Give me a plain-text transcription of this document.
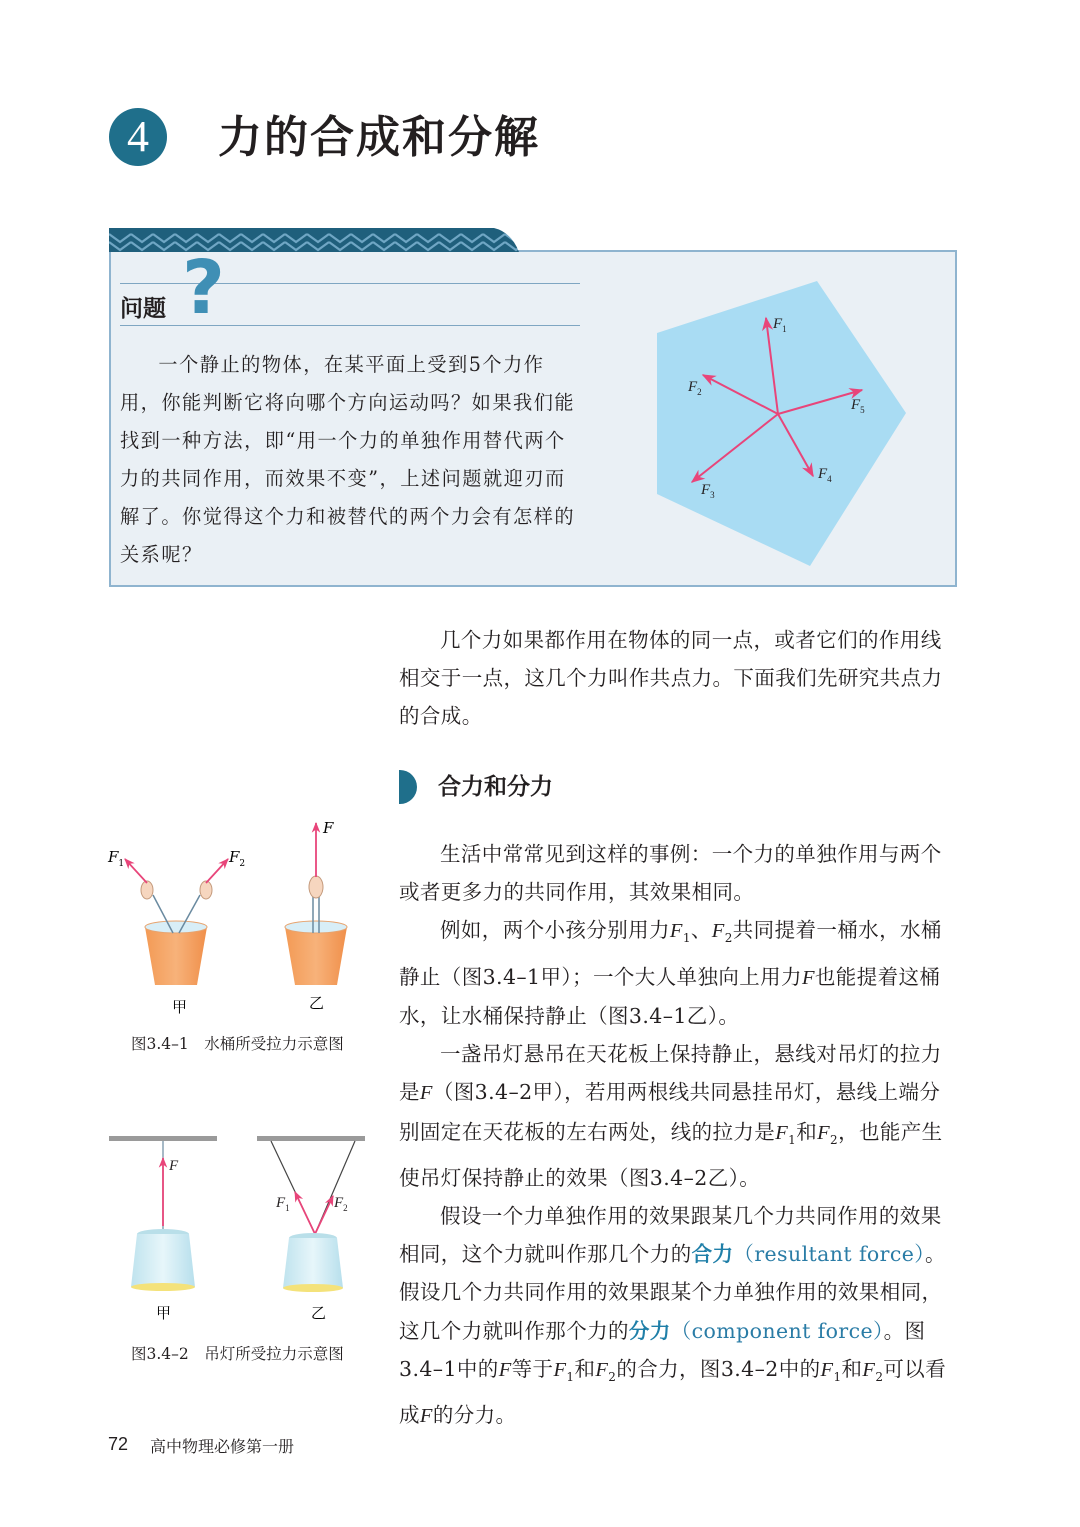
4	力的合成和分解
问题 ?

一个静止的物体，在某平面上受到5个力作用，你能判断它将向哪个方向运动吗？如果我们能找到一种方法，即“用一个力的单独作用替代两个力的共同作用，而效果不变”，上述问题就迎刃而解了。你觉得这个力和被替代的两个力会有怎样的关系呢？

$F_1$
$F_2$
$F_3$
$F_4$
$F_5$

几个力如果都作用在物体的同一点，或者它们的作用线相交于一点，这几个力叫作共点力。下面我们先研究共点力的合成。

合力和分力

生活中常常见到这样的事例：一个力的单独作用与两个或者更多力的共同作用，其效果相同。

例如，两个小孩分别用力$F_1$、$F_2$共同提着一桶水，水桶静止（图3.4–1甲）；一个大人单独向上用力F也能提着这桶水，让水桶保持静止（图3.4–1乙）。

一盏吊灯悬吊在天花板上保持静止，悬线对吊灯的拉力是F（图3.4–2甲），若用两根线共同悬挂吊灯，悬线上端分别固定在天花板的左右两处，线的拉力是$F_1$和$F_2$，也能产生使吊灯保持静止的效果（图3.4–2乙）。

假设一个力单独作用的效果跟某几个力共同作用的效果相同，这个力就叫作那几个力的合力（resultant force）。假设几个力共同作用的效果跟某个力单独作用的效果相同，这几个力就叫作那个力的分力（component force）。图3.4–1中的F等于$F_1$和$F_2$的合力，图3.4–2中的$F_1$和$F_2$可以看成F的分力。

$F_1$	$F_2$
F
甲	乙
图3.4–1　水桶所受拉力示意图
F
$F_1$	$F_2$
甲	乙
图3.4–2　吊灯所受拉力示意图
72 高中物理必修第一册
